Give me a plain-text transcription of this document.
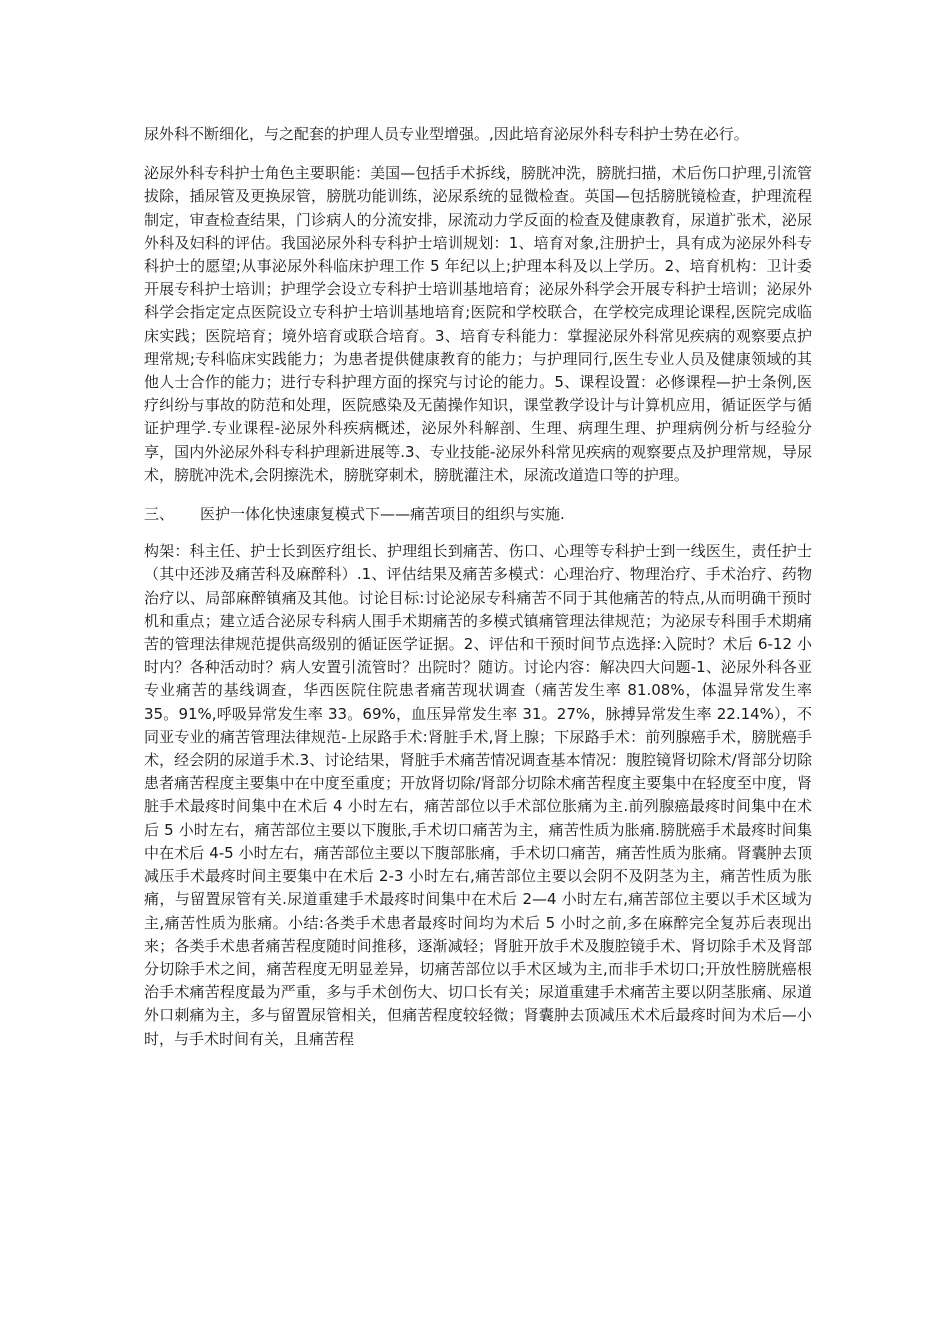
尿外科不断细化，与之配套的护理人员专业型增强。,因此培育泌尿外科专科护士势在必行。

泌尿外科专科护士角色主要职能：美国—包括手术拆线，膀胱冲洗，膀胱扫描，术后伤口护理,引流管拔除，插尿管及更换尿管，膀胱功能训练，泌尿系统的显微检查。英国—包括膀胱镜检查，护理流程制定，审查检查结果，门诊病人的分流安排，尿流动力学反面的检查及健康教育，尿道扩张术，泌尿外科及妇科的评估。我国泌尿外科专科护士培训规划：1、培育对象,注册护士，具有成为泌尿外科专科护士的愿望;从事泌尿外科临床护理工作 5 年纪以上;护理本科及以上学历。2、培育机构：卫计委开展专科护士培训；护理学会设立专科护士培训基地培育；泌尿外科学会开展专科护士培训；泌尿外科学会指定定点医院设立专科护士培训基地培育;医院和学校联合，在学校完成理论课程,医院完成临床实践；医院培育；境外培育或联合培育。3、培育专科能力：掌握泌尿外科常见疾病的观察要点护理常规;专科临床实践能力；为患者提供健康教育的能力；与护理同行,医生专业人员及健康领域的其他人士合作的能力；进行专科护理方面的探究与讨论的能力。5、课程设置：必修课程—护士条例,医疗纠纷与事故的防范和处理，医院感染及无菌操作知识，课堂教学设计与计算机应用，循证医学与循证护理学.专业课程-泌尿外科疾病概述，泌尿外科解剖、生理、病理生理、护理病例分析与经验分享，国内外泌尿外科专科护理新进展等.3、专业技能-泌尿外科常见疾病的观察要点及护理常规，导尿术，膀胱冲洗术,会阴擦洗术，膀胱穿刺术，膀胱灌注术，尿流改道造口等的护理。

三、 医护一体化快速康复模式下——痛苦项目的组织与实施.

构架：科主任、护士长到医疗组长、护理组长到痛苦、伤口、心理等专科护士到一线医生，责任护士（其中还涉及痛苦科及麻醉科）.1、评估结果及痛苦多模式：心理治疗、物理治疗、手术治疗、药物治疗以、局部麻醉镇痛及其他。讨论目标:讨论泌尿专科痛苦不同于其他痛苦的特点,从而明确干预时机和重点；建立适合泌尿专科病人围手术期痛苦的多模式镇痛管理法律规范；为泌尿专科围手术期痛苦的管理法律规范提供高级别的循证医学证据。2、评估和干预时间节点选择:入院时？术后 6-12 小时内？各种活动时？病人安置引流管时？出院时？随访。讨论内容：解决四大问题-1、泌尿外科各亚专业痛苦的基线调查，华西医院住院患者痛苦现状调查（痛苦发生率 81.08%，体温异常发生率 35。91%,呼吸异常发生率 33。69%，血压异常发生率 31。27%，脉搏异常发生率 22.14%），不同亚专业的痛苦管理法律规范-上尿路手术:肾脏手术,肾上腺；下尿路手术：前列腺癌手术，膀胱癌手术，经会阴的尿道手术.3、讨论结果，肾脏手术痛苦情况调查基本情况：腹腔镜肾切除术/肾部分切除患者痛苦程度主要集中在中度至重度；开放肾切除/肾部分切除术痛苦程度主要集中在轻度至中度，肾脏手术最疼时间集中在术后 4 小时左右，痛苦部位以手术部位胀痛为主.前列腺癌最疼时间集中在术后 5 小时左右，痛苦部位主要以下腹胀,手术切口痛苦为主，痛苦性质为胀痛.膀胱癌手术最疼时间集中在术后 4-5 小时左右，痛苦部位主要以下腹部胀痛，手术切口痛苦，痛苦性质为胀痛。肾囊肿去顶减压手术最疼时间主要集中在术后 2-3 小时左右,痛苦部位主要以会阴不及阴茎为主，痛苦性质为胀痛，与留置尿管有关.尿道重建手术最疼时间集中在术后 2—4 小时左右,痛苦部位主要以手术区域为主,痛苦性质为胀痛。小结:各类手术患者最疼时间均为术后 5 小时之前,多在麻醉完全复苏后表现出来；各类手术患者痛苦程度随时间推移，逐渐减轻；肾脏开放手术及腹腔镜手术、肾切除手术及肾部分切除手术之间，痛苦程度无明显差异，切痛苦部位以手术区域为主,而非手术切口;开放性膀胱癌根治手术痛苦程度最为严重，多与手术创伤大、切口长有关；尿道重建手术痛苦主要以阴茎胀痛、尿道外口刺痛为主，多与留置尿管相关，但痛苦程度较轻微；肾囊肿去顶减压术术后最疼时间为术后—小时，与手术时间有关，且痛苦程
